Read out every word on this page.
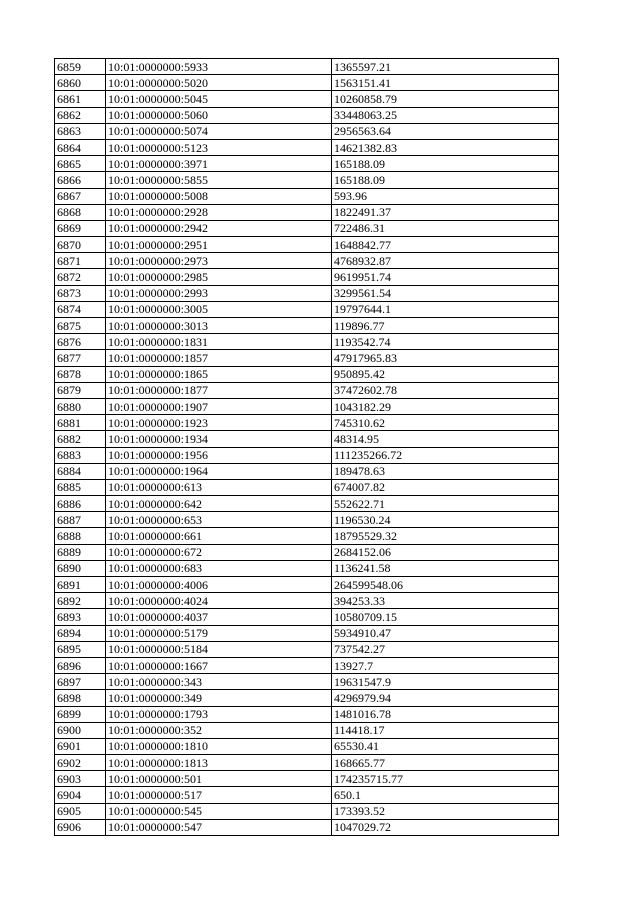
6859	10:01:0000000:5933	1365597.21
6860	10:01:0000000:5020	1563151.41
6861	10:01:0000000:5045	10260858.79
6862	10:01:0000000:5060	33448063.25
6863	10:01:0000000:5074	2956563.64
6864	10:01:0000000:5123	14621382.83
6865	10:01:0000000:3971	165188.09
6866	10:01:0000000:5855	165188.09
6867	10:01:0000000:5008	593.96
6868	10:01:0000000:2928	1822491.37
6869	10:01:0000000:2942	722486.31
6870	10:01:0000000:2951	1648842.77
6871	10:01:0000000:2973	4768932.87
6872	10:01:0000000:2985	9619951.74
6873	10:01:0000000:2993	3299561.54
6874	10:01:0000000:3005	19797644.1
6875	10:01:0000000:3013	119896.77
6876	10:01:0000000:1831	1193542.74
6877	10:01:0000000:1857	47917965.83
6878	10:01:0000000:1865	950895.42
6879	10:01:0000000:1877	37472602.78
6880	10:01:0000000:1907	1043182.29
6881	10:01:0000000:1923	745310.62
6882	10:01:0000000:1934	48314.95
6883	10:01:0000000:1956	111235266.72
6884	10:01:0000000:1964	189478.63
6885	10:01:0000000:613	674007.82
6886	10:01:0000000:642	552622.71
6887	10:01:0000000:653	1196530.24
6888	10:01:0000000:661	18795529.32
6889	10:01:0000000:672	2684152.06
6890	10:01:0000000:683	1136241.58
6891	10:01:0000000:4006	264599548.06
6892	10:01:0000000:4024	394253.33
6893	10:01:0000000:4037	10580709.15
6894	10:01:0000000:5179	5934910.47
6895	10:01:0000000:5184	737542.27
6896	10:01:0000000:1667	13927.7
6897	10:01:0000000:343	19631547.9
6898	10:01:0000000:349	4296979.94
6899	10:01:0000000:1793	1481016.78
6900	10:01:0000000:352	114418.17
6901	10:01:0000000:1810	65530.41
6902	10:01:0000000:1813	168665.77
6903	10:01:0000000:501	174235715.77
6904	10:01:0000000:517	650.1
6905	10:01:0000000:545	173393.52
6906	10:01:0000000:547	1047029.72
